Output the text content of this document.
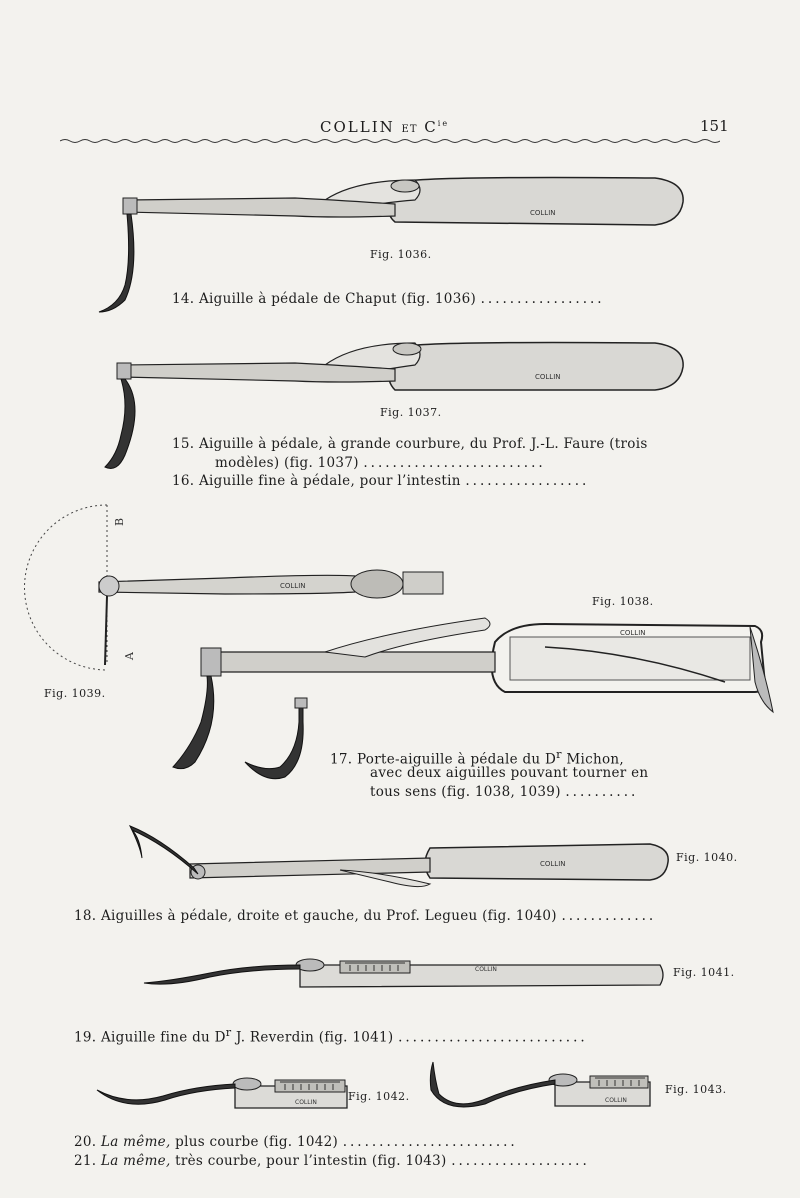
COLLIN ET $C^{ie}$	151
COLLIN
Fig. 1036.
14. Aiguille à pédale de Chaput (fig. 1036) .................
COLLIN
Fig. 1037.
15. Aiguille à pédale, à grande courbure, du Prof. J.-L. Faure (trois
modèles) (fig. 1037) .........................
16. Aiguille fine à pédale, pour l’intestin .................
COLLIN
B
A
Fig. 1039.
Fig. 1038.
COLLIN
17. Porte-aiguille à pédale du $D^r$ Michon,
avec deux aiguilles pouvant tourner en
tous sens (fig. 1038, 1039) ..........
COLLIN	Fig. 1040.
18. Aiguilles à pédale, droite et gauche, du Prof. Legueu (fig. 1040) .............
COLLIN	Fig. 1041.
19. Aiguille fine du $D^r$ J. Reverdin (fig. 1041) ..........................
COLLIN	Fig. 1042.	COLLIN
Fig. 1043.
20. La même, plus courbe (fig. 1042) ........................
21. La même, très courbe, pour l’intestin (fig. 1043) ...................
